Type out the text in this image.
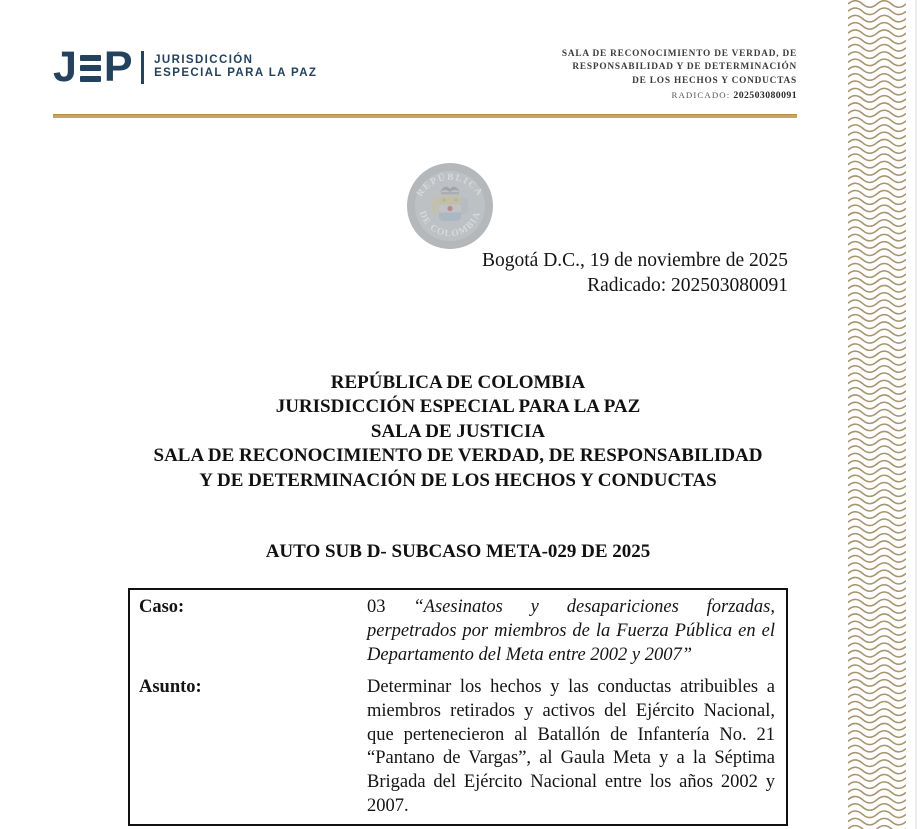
J P JURISDICCIÓN
ESPECIAL PARA LA PAZ
SALA DE RECONOCIMIENTO DE VERDAD, DE
RESPONSABILIDAD Y DE DETERMINACIÓN
DE LOS HECHOS Y CONDUCTAS
RADICADO: 202503080091
REPÚBLICA
DE COLOMBIA
Bogotá D.C., 19 de noviembre de 2025
Radicado: 202503080091
REPÚBLICA DE COLOMBIA
JURISDICCIÓN ESPECIAL PARA LA PAZ
SALA DE JUSTICIA
SALA DE RECONOCIMIENTO DE VERDAD, DE RESPONSABILIDAD
Y DE DETERMINACIÓN DE LOS HECHOS Y CONDUCTAS
AUTO SUB D- SUBCASO META-029 DE 2025
Caso:	03 “Asesinatos y desapariciones forzadas, perpetrados por miembros de la Fuerza Pública en el Departamento del Meta entre 2002 y 2007”
Asunto:	Determinar los hechos y las conductas atribuibles a miembros retirados y activos del Ejército Nacional, que pertenecieron al Batallón de Infantería No. 21 “Pantano de Vargas”, al Gaula Meta y a la Séptima Brigada del Ejército Nacional entre los años 2002 y 2007.
